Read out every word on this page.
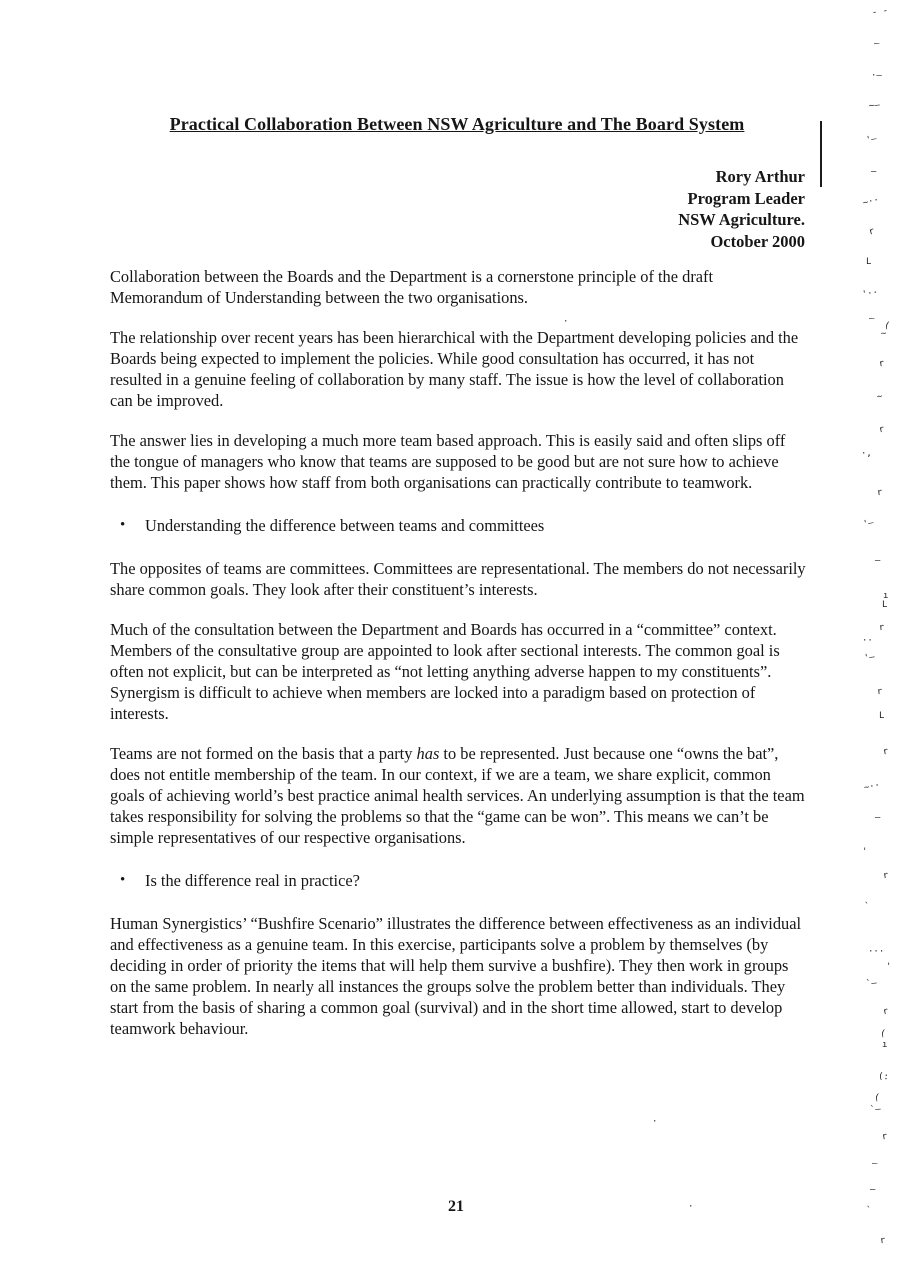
Practical Collaboration Between NSW Agriculture and The Board System
Rory Arthur
Program Leader
NSW Agriculture.
October 2000

Collaboration between the Boards and the Department is a cornerstone principle of the draft Memorandum of Understanding between the two organisations.

The relationship over recent years has been hierarchical with the Department developing policies and the Boards being expected to implement the policies. While good consultation has occurred, it has not resulted in a genuine feeling of collaboration by many staff. The issue is how the level of collaboration can be improved.

The answer lies in developing a much more team based approach. This is easily said and often slips off the tongue of managers who know that teams are supposed to be good but are not sure how to achieve them. This paper shows how staff from both organisations can practically contribute to teamwork.

•	Understanding the difference between teams and committees

The opposites of teams are committees. Committees are representational. The members do not necessarily share common goals. They look after their constituent’s interests.

Much of the consultation between the Department and Boards has occurred in a “committee” context. Members of the consultative group are appointed to look after sectional interests. The common goal is often not explicit, but can be interpreted as “not letting anything adverse happen to my constituents”. Synergism is difficult to achieve when members are locked into a paradigm based on protection of interests.

Teams are not formed on the basis that a party has to be represented. Just because one “owns the bat”, does not entitle membership of the team. In our context, if we are a team, we share explicit, common goals of achieving world’s best practice animal health services. An underlying assumption is that the team takes responsibility for solving the problems so that the “game can be won”. This means we can’t be simple representatives of our respective organisations.

•	Is the difference real in practice?

Human Synergistics’ “Bushfire Scenario” illustrates the difference between effectiveness as an individual and effectiveness as a genuine team. In this exercise, participants solve a problem by themselves (by deciding in order of priority the items that will help them survive a bushfire). They then work in groups on the same problem. In nearly all instances the groups solve the problem better than individuals. They start from the basis of sharing a common goal (survival) and in the short time allowed, start to develop teamwork behaviour.

21
- -
–
·–
~–
'–
—
~··
r
L
'··
–
(
·
~
r
~
r
·,
r
'–
–
ı
L
r
··
'–
r
L
r
~··
–
'
r
`
···
'
`–
r
(
ı
·
(:
(
`—
r
–
·
–
`
r
